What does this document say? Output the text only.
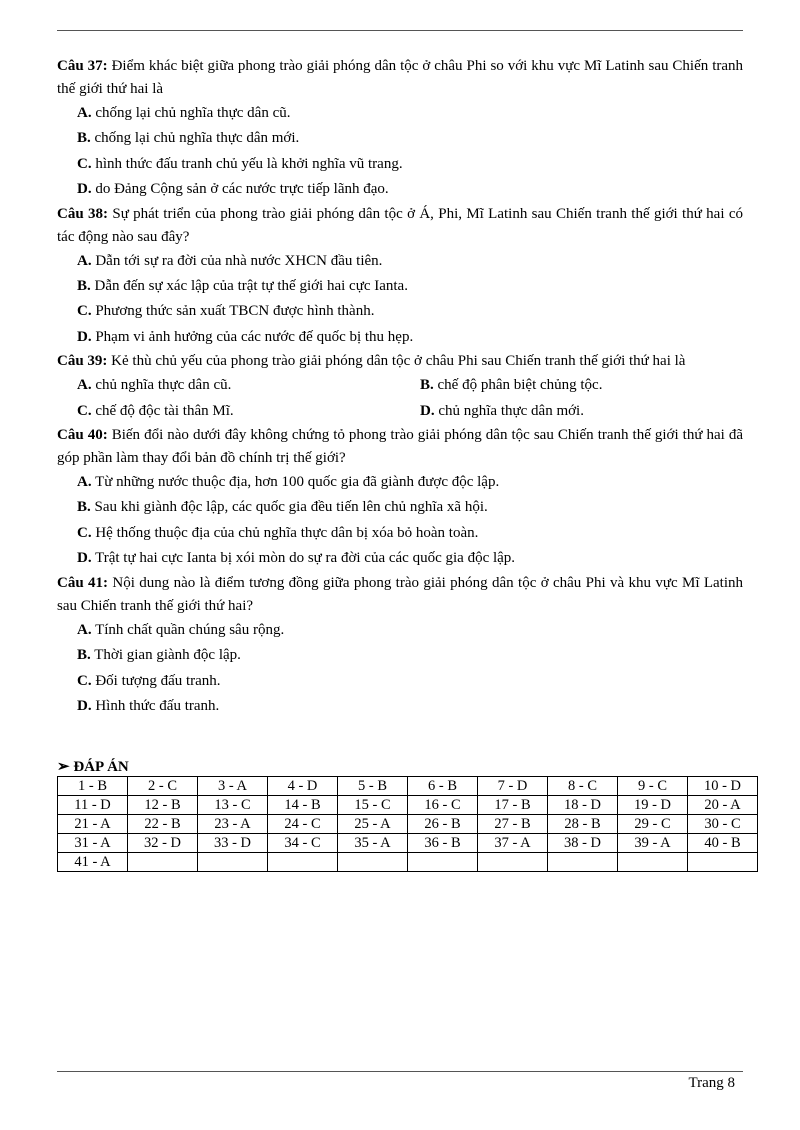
Câu 37: Điểm khác biệt giữa phong trào giải phóng dân tộc ở châu Phi so với khu vực Mĩ Latinh sau Chiến tranh thế giới thứ hai là
A. chống lại chủ nghĩa thực dân cũ.
B. chống lại chủ nghĩa thực dân mới.
C. hình thức đấu tranh chủ yếu là khởi nghĩa vũ trang.
D. do Đảng Cộng sản ở các nước trực tiếp lãnh đạo.
Câu 38: Sự phát triển của phong trào giải phóng dân tộc ở Á, Phi, Mĩ Latinh sau Chiến tranh thế giới thứ hai có tác động nào sau đây?
A. Dẫn tới sự ra đời của nhà nước XHCN đầu tiên.
B. Dẫn đến sự xác lập của trật tự thế giới hai cực Ianta.
C. Phương thức sản xuất TBCN được hình thành.
D. Phạm vi ảnh hưởng của các nước đế quốc bị thu hẹp.
Câu 39: Kẻ thù chủ yếu của phong trào giải phóng dân tộc ở châu Phi sau Chiến tranh thế giới thứ hai là
A. chủ nghĩa thực dân cũ.	B. chế độ phân biệt chủng tộc.
C. chế độ độc tài thân Mĩ.	D. chủ nghĩa thực dân mới.
Câu 40: Biến đổi nào dưới đây không chứng tỏ phong trào giải phóng dân tộc sau Chiến tranh thế giới thứ hai đã góp phần làm thay đổi bản đồ chính trị thế giới?
A. Từ những nước thuộc địa, hơn 100 quốc gia đã giành được độc lập.
B. Sau khi giành độc lập, các quốc gia đều tiến lên chủ nghĩa xã hội.
C. Hệ thống thuộc địa của chủ nghĩa thực dân bị xóa bỏ hoàn toàn.
D. Trật tự hai cực Ianta bị xói mòn do sự ra đời của các quốc gia độc lập.
Câu 41: Nội dung nào là điểm tương đồng giữa phong trào giải phóng dân tộc ở châu Phi và khu vực Mĩ Latinh sau Chiến tranh thế giới thứ hai?
A. Tính chất quần chúng sâu rộng.
B. Thời gian giành độc lập.
C. Đối tượng đấu tranh.
D. Hình thức đấu tranh.
➢ ĐÁP ÁN
1 - B	2 - C	3 - A	4 - D	5 - B	6 - B	7 - D	8 - C	9 - C	10 - D
11 - D	12 - B	13 - C	14 - B	15 - C	16 - C	17 - B	18 - D	19 - D	20 - A
21 - A	22 - B	23 - A	24 - C	25 - A	26 - B	27 - B	28 - B	29 - C	30 - C
31 - A	32 - D	33 - D	34 - C	35 - A	36 - B	37 - A	38 - D	39 - A	40 - B
41 - A									
Trang 8
